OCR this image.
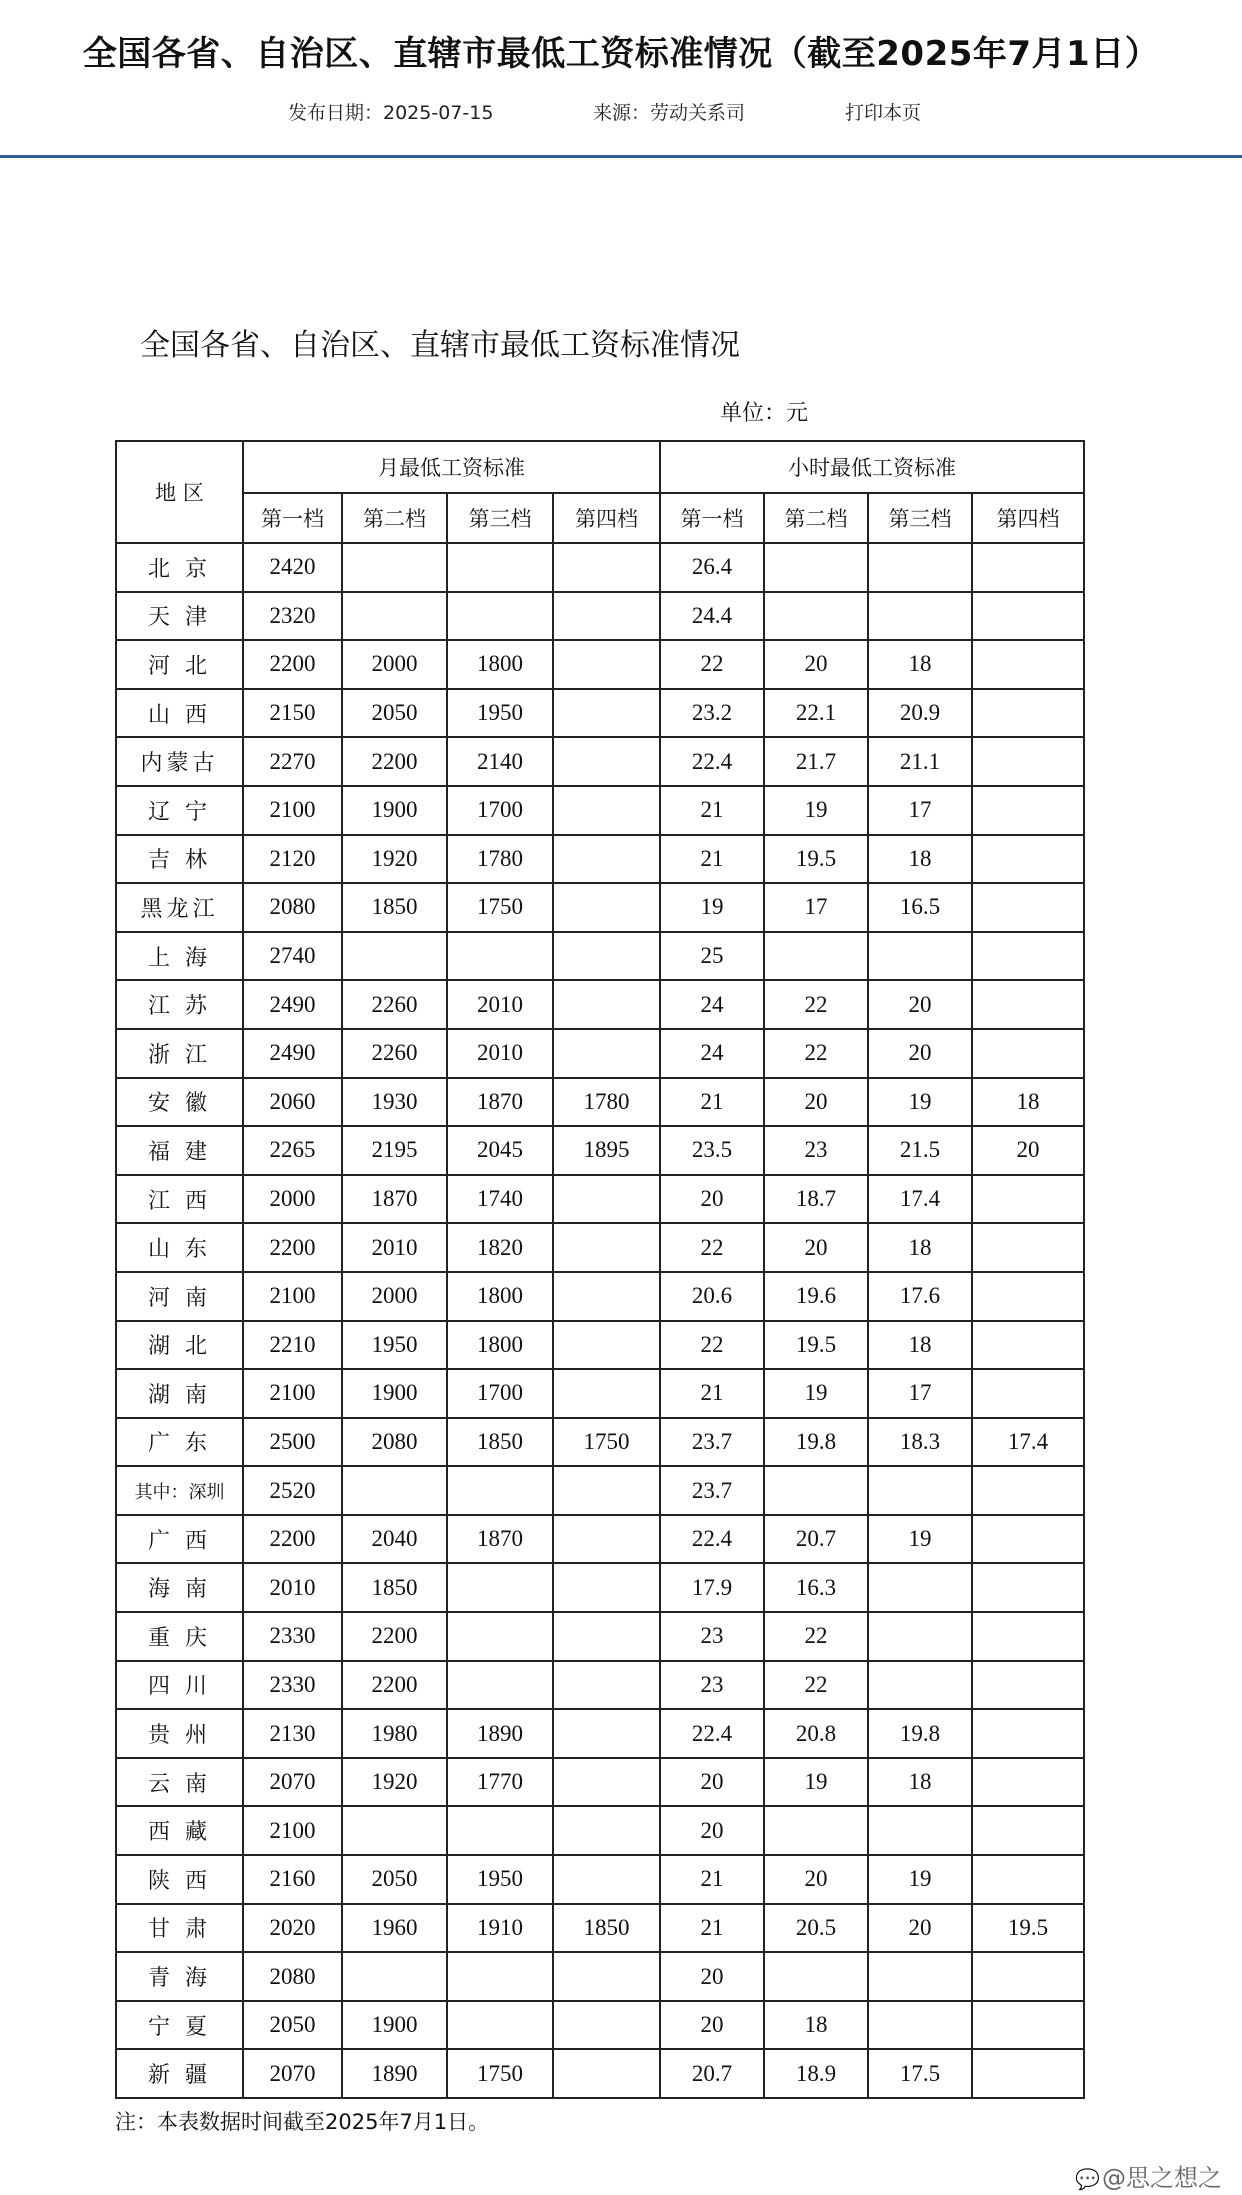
全国各省、自治区、直辖市最低工资标准情况（截至2025年7月1日）
发布日期：2025-07-15	来源：劳动关系司	打印本页
全国各省、自治区、直辖市最低工资标准情况
单位：元
地 区	月最低工资标准				小时最低工资标准			
	第一档	第二档	第三档	第四档	第一档	第二档	第三档	第四档
北 京	2420				26.4			
天 津	2320				24.4			
河 北	2200	2000	1800		22	20	18	
山 西	2150	2050	1950		23.2	22.1	20.9	
内蒙古	2270	2200	2140		22.4	21.7	21.1	
辽 宁	2100	1900	1700		21	19	17	
吉 林	2120	1920	1780		21	19.5	18	
黑龙江	2080	1850	1750		19	17	16.5	
上 海	2740				25			
江 苏	2490	2260	2010		24	22	20	
浙 江	2490	2260	2010		24	22	20	
安 徽	2060	1930	1870	1780	21	20	19	18
福 建	2265	2195	2045	1895	23.5	23	21.5	20
江 西	2000	1870	1740		20	18.7	17.4	
山 东	2200	2010	1820		22	20	18	
河 南	2100	2000	1800		20.6	19.6	17.6	
湖 北	2210	1950	1800		22	19.5	18	
湖 南	2100	1900	1700		21	19	17	
广 东	2500	2080	1850	1750	23.7	19.8	18.3	17.4
其中：深圳	2520				23.7			
广 西	2200	2040	1870		22.4	20.7	19	
海 南	2010	1850			17.9	16.3		
重 庆	2330	2200			23	22		
四 川	2330	2200			23	22		
贵 州	2130	1980	1890		22.4	20.8	19.8	
云 南	2070	1920	1770		20	19	18	
西 藏	2100				20			
陕 西	2160	2050	1950		21	20	19	
甘 肃	2020	1960	1910	1850	21	20.5	20	19.5
青 海	2080				20			
宁 夏	2050	1900			20	18		
新 疆	2070	1890	1750		20.7	18.9	17.5	
注：本表数据时间截至2025年7月1日。
💬@思之想之
